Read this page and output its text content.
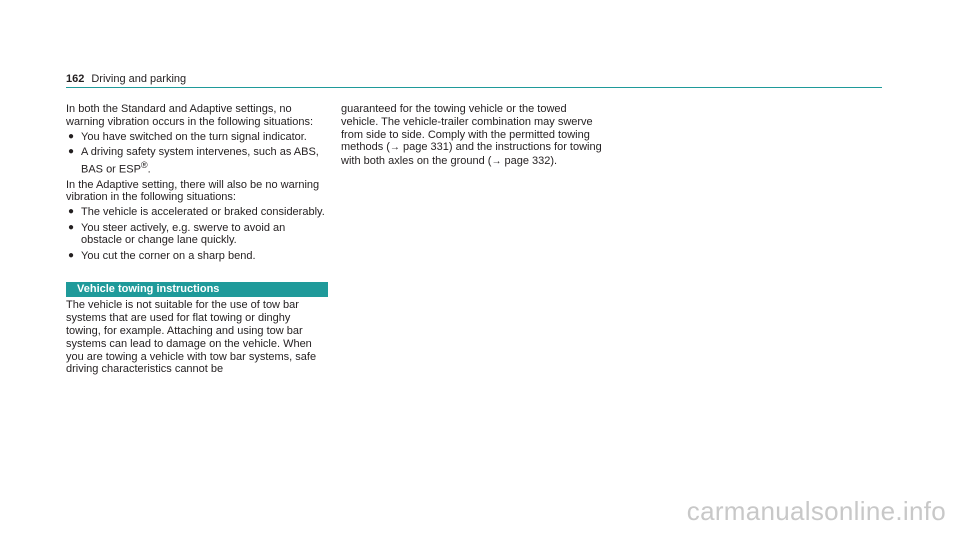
162 Driving and parking

In both the Standard and Adaptive settings, no warning vibration occurs in the following situations:

● You have switched on the turn signal indicator.
● A driving safety system intervenes, such as ABS, BAS or ESP®.

In the Adaptive setting, there will also be no warning vibration in the following situations:

● The vehicle is accelerated or braked considerably.
● You steer actively, e.g. swerve to avoid an obstacle or change lane quickly.
● You cut the corner on a sharp bend.
Vehicle towing instructions

The vehicle is not suitable for the use of tow bar systems that are used for flat towing or dinghy towing, for example. Attaching and using tow bar systems can lead to damage on the vehicle. When you are towing a vehicle with tow bar systems, safe driving characteristics cannot be

guaranteed for the towing vehicle or the towed vehicle. The vehicle-trailer combination may swerve from side to side. Comply with the permitted towing methods (→ page 331) and the instructions for towing with both axles on the ground (→ page 332).

carmanualsonline.info
